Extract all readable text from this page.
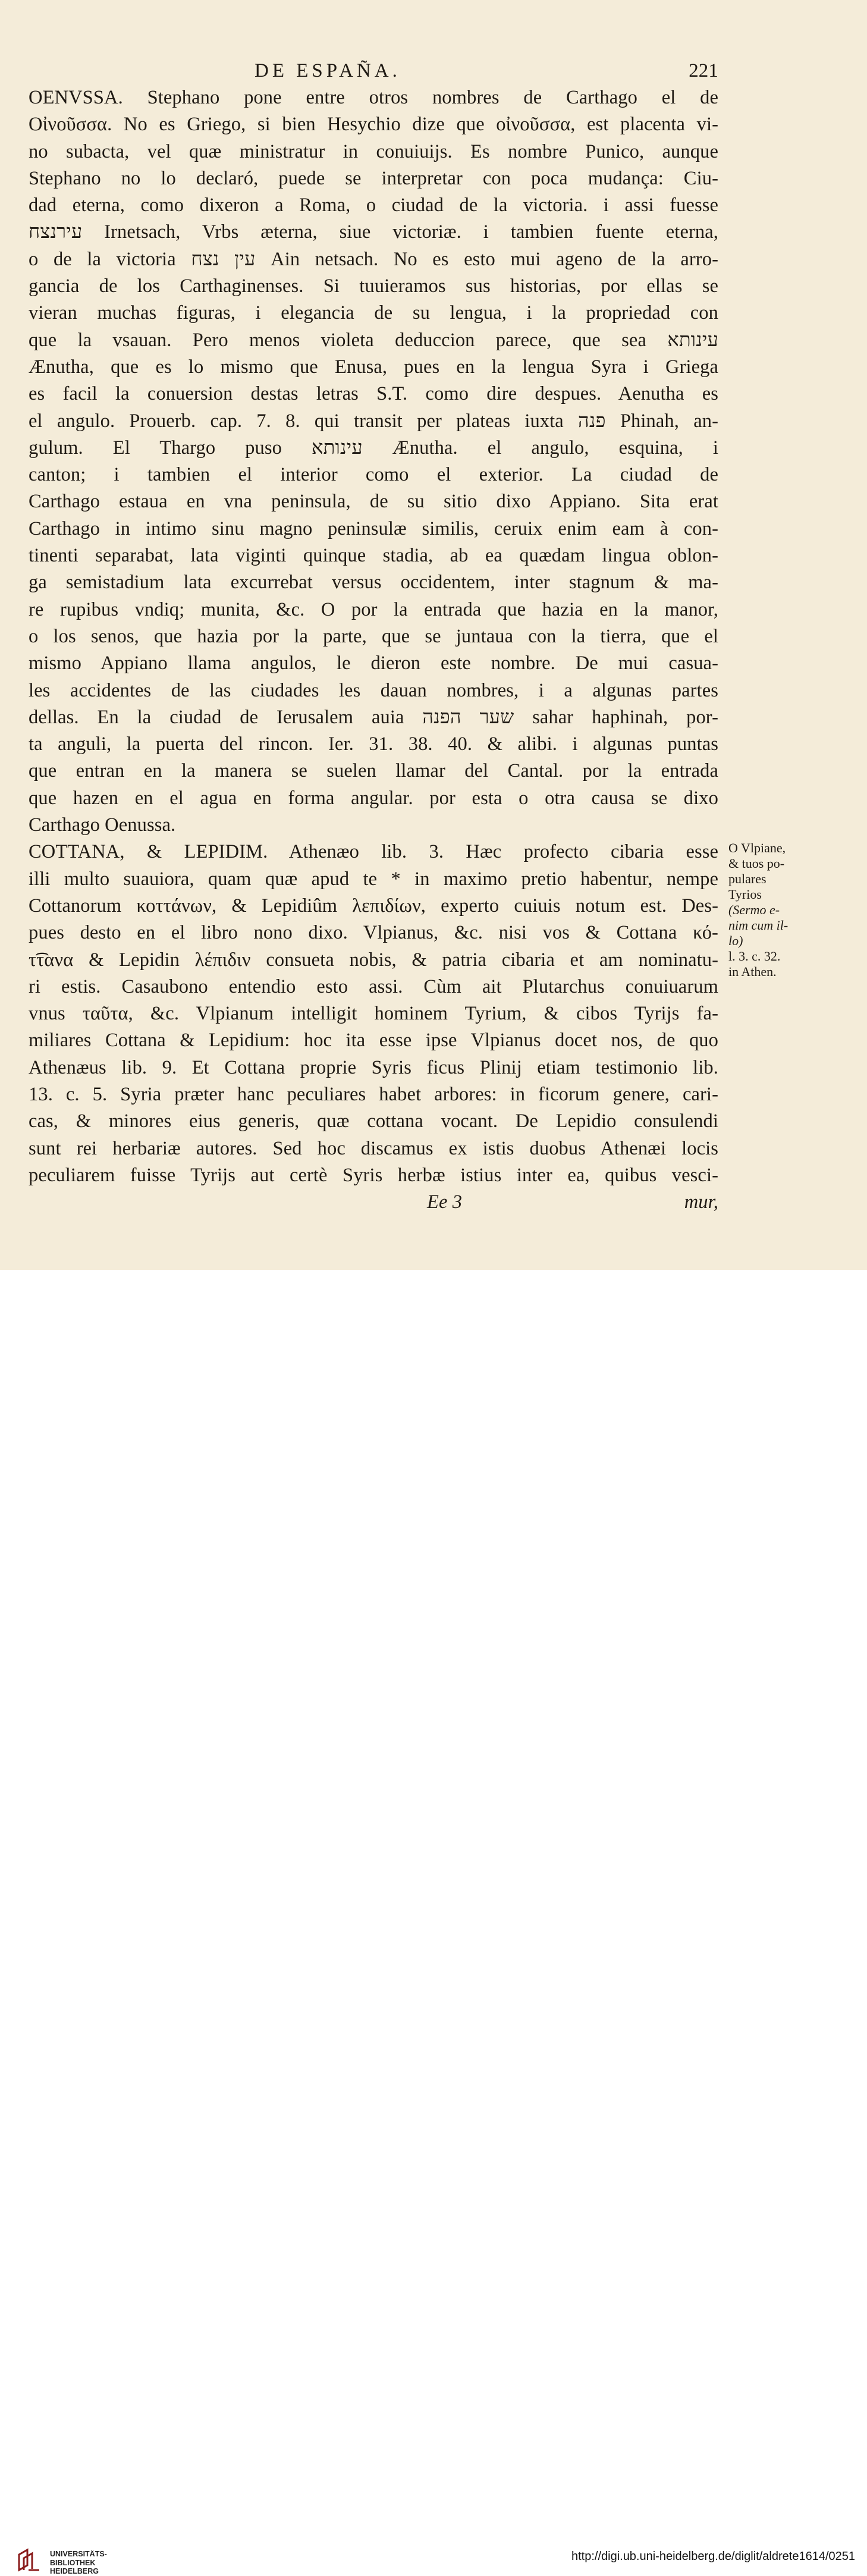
DE ESPAÑA.	221
OENVSSA. Stephano pone entre otros nombres de Carthago el de
Οἰνοῦσσα. No es Griego, si bien Hesychio dize que οἰνοῦσσα, est placenta vi-
no subacta, vel quæ ministratur in conuiuijs. Es nombre Punico, aunque
Stephano no lo declaró, puede se interpretar con poca mudança: Ciu-
dad eterna, como dixeron a Roma, o ciudad de la victoria. i assi fuesse
עירנצח Irnetsach, Vrbs æterna, siue victoriæ. i tambien fuente eterna,
o de la victoria עין נצח Ain netsach. No es esto mui ageno de la arro-
gancia de los Carthaginenses. Si tuuieramos sus historias, por ellas se
vieran muchas figuras, i elegancia de su lengua, i la propriedad con
que la vsauan. Pero menos violeta deduccion parece, que sea עינותא
Ænutha, que es lo mismo que Enusa, pues en la lengua Syra i Griega
es facil la conuersion destas letras S.T. como dire despues. Aenutha es
el angulo. Prouerb. cap. 7. 8. qui transit per plateas iuxta פנה Phinah, an-
gulum. El Thargo puso עינותא Ænutha. el angulo, esquina, i
canton; i tambien el interior como el exterior. La ciudad de
Carthago estaua en vna peninsula, de su sitio dixo Appiano. Sita erat
Carthago in intimo sinu magno peninsulæ similis, ceruix enim eam à con-
tinenti separabat, lata viginti quinque stadia, ab ea quædam lingua oblon-
ga semistadium lata excurrebat versus occidentem, inter stagnum & ma-
re rupibus vndiq; munita, &c. O por la entrada que hazia en la manor,
o los senos, que hazia por la parte, que se juntaua con la tierra, que el
mismo Appiano llama angulos, le dieron este nombre. De mui casua-
les accidentes de las ciudades les dauan nombres, i a algunas partes
dellas. En la ciudad de Ierusalem auia שער הפנה sahar haphinah, por-
ta anguli, la puerta del rincon. Ier. 31. 38. 40. & alibi. i algunas puntas
que entran en la manera se suelen llamar del Cantal. por la entrada
que hazen en el agua en forma angular. por esta o otra causa se dixo
Carthago Oenussa.
COTTANA, & LEPIDIM. Athenæo lib. 3. Hæc profecto cibaria esse
illi multo suauiora, quam quæ apud te * in maximo pretio habentur, nempe
Cottanorum κοττάνων, & Lepidiûm λεπιδίων, experto cuiuis notum est. Des-
pues desto en el libro nono dixo. Vlpianus, &c. nisi vos & Cottana κό-
τ͡τανα & Lepidin λέπιδιν consueta nobis, & patria cibaria et am nominatu-
ri estis. Casaubono entendio esto assi. Cùm ait Plutarchus conuiuarum
vnus ταῦτα, &c. Vlpianum intelligit hominem Tyrium, & cibos Tyrijs fa-
miliares Cottana & Lepidium: hoc ita esse ipse Vlpianus docet nos, de quo
Athenæus lib. 9. Et Cottana proprie Syris ficus Plinij etiam testimonio lib.
13. c. 5. Syria præter hanc peculiares habet arbores: in ficorum genere, cari-
cas, & minores eius generis, quæ cottana vocant. De Lepidio consulendi
sunt rei herbariæ autores. Sed hoc discamus ex istis duobus Athenæi locis
peculiarem fuisse Tyrijs aut certè Syris herbæ istius inter ea, quibus vesci-
Ee 3	mur,
O Vlpiane,
& tuos po-
pulares
Tyrios
(Sermo e-
nim cum il-
lo)
l. 3. c. 32.
in Athen.
UNIVERSITÄTS-
BIBLIOTHEK
HEIDELBERG
http://digi.ub.uni-heidelberg.de/diglit/aldrete1614/0251
